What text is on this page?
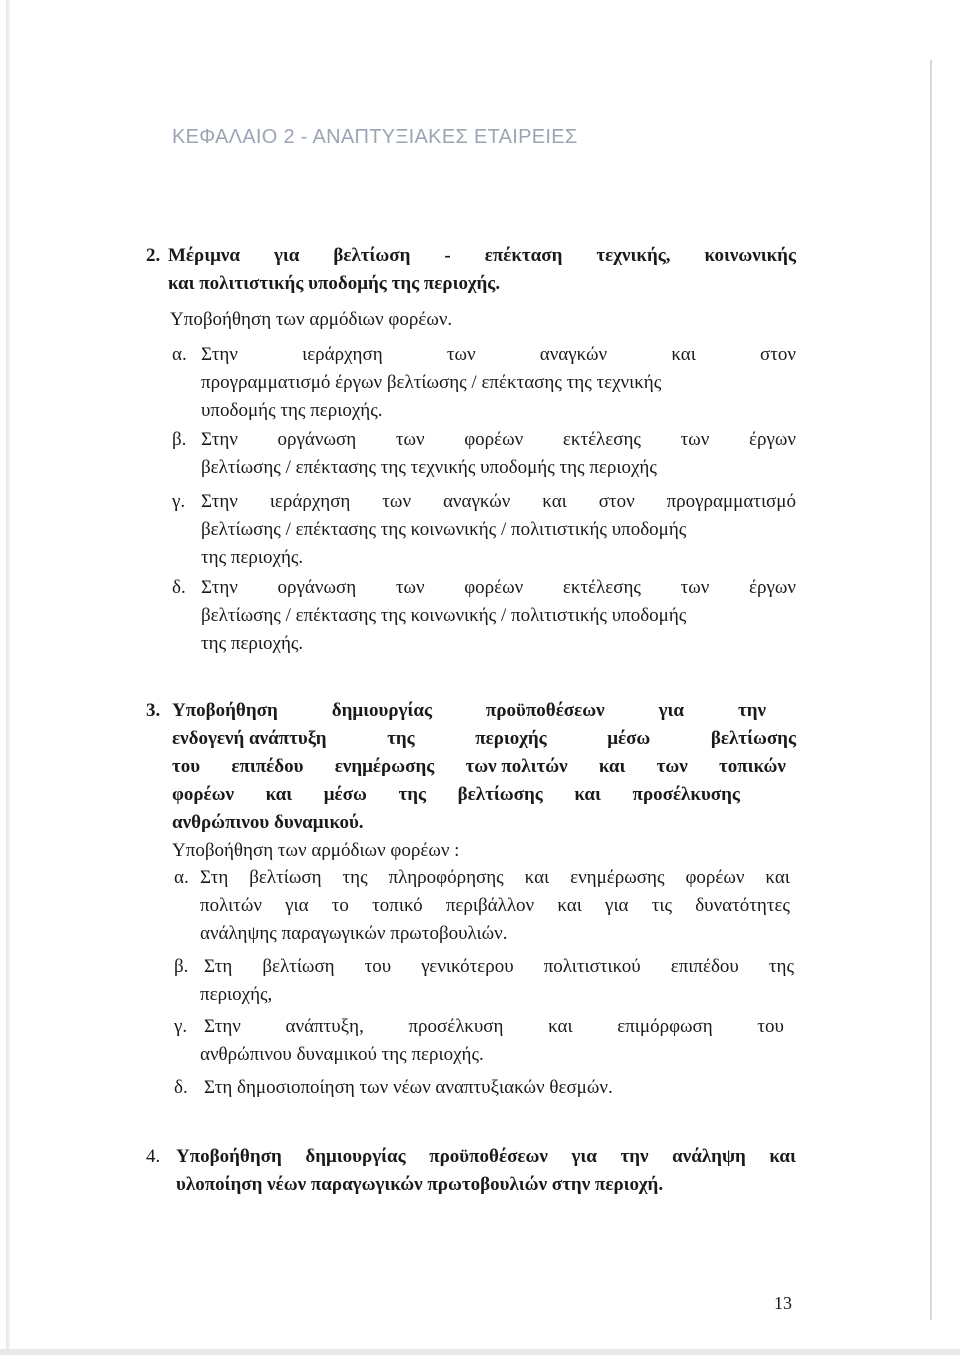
ΚΕΦΑΛΑΙΟ 2 - ΑΝΑΠΤΥΞΙΑΚΕΣ ΕΤΑΙΡΕΙΕΣ
2. Μέριμνα για βελτίωση - επέκταση τεχνικής, κοινωνικής
και πολιτιστικής υποδομής της περιοχής.
Υποβοήθηση των αρμόδιων φορέων.
α. Στην	ιεράρχηση	των	αναγκών	και	στον
προγραμματισμό έργων βελτίωσης / επέκτασης της τεχνικής
υποδομής της περιοχής.
β. Στην οργάνωση των φορέων εκτέλεσης των έργων
βελτίωσης / επέκτασης της τεχνικής υποδομής της περιοχής
γ. Στην ιεράρχηση των αναγκών και στον προγραμματισμό
βελτίωσης / επέκτασης της κοινωνικής / πολιτιστικής υποδομής
της περιοχής.
δ. Στην οργάνωση των φορέων εκτέλεσης των έργων
βελτίωσης / επέκτασης της κοινωνικής / πολιτιστικής υποδομής
της περιοχής.
3. Υποβοήθηση	δημιουργίας	προϋποθέσεων	για	την
ενδογενή ανάπτυξη	της	περιοχής	μέσω	βελτίωσης
του επιπέδου ενημέρωσης των πολιτών και των τοπικών
φορέων και μέσω της βελτίωσης και προσέλκυσης
ανθρώπινου δυναμικού.
Υποβοήθηση των αρμόδιων φορέων :
α. Στη βελτίωση της πληροφόρησης και ενημέρωσης φορέων και
πολιτών για το τοπικό περιβάλλον και για τις δυνατότητες
ανάληψης παραγωγικών πρωτοβουλιών.
β. Στη βελτίωση του γενικότερου πολιτιστικού επιπέδου της
περιοχής,
γ. Στην ανάπτυξη, προσέλκυση και επιμόρφωση του
ανθρώπινου δυναμικού της περιοχής.
δ. Στη δημοσιοποίηση των νέων αναπτυξιακών θεσμών.
4. Υποβοήθηση δημιουργίας προϋποθέσεων για την ανάληψη και
υλοποίηση νέων παραγωγικών πρωτοβουλιών στην περιοχή.
13
